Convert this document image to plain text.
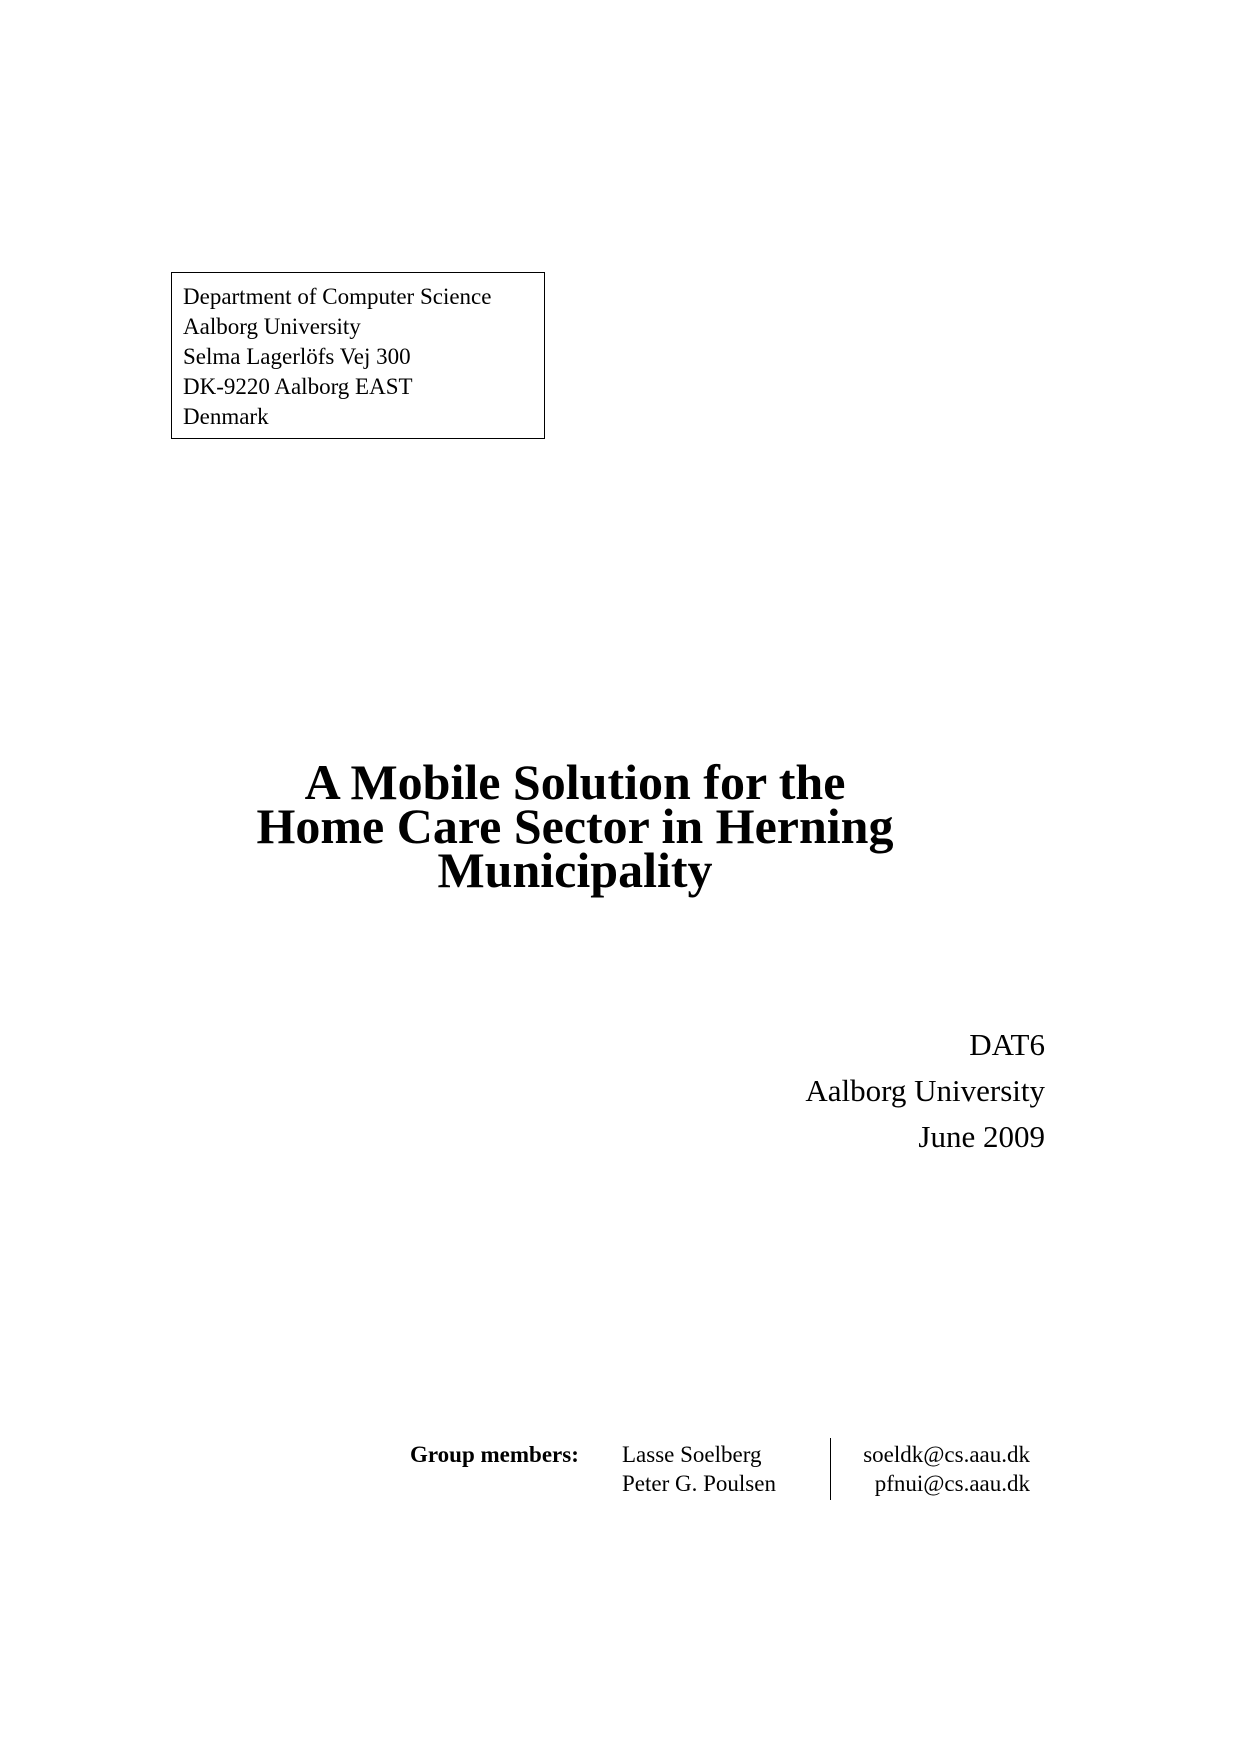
Department of Computer Science
Aalborg University
Selma Lagerlöfs Vej 300
DK-9220 Aalborg EAST
Denmark
A Mobile Solution for the
Home Care Sector in Herning
Municipality
DAT6
Aalborg University
June 2009
Group members:	Lasse Soelberg
Peter G. Poulsen
soeldk@cs.aau.dk
pfnui@cs.aau.dk
